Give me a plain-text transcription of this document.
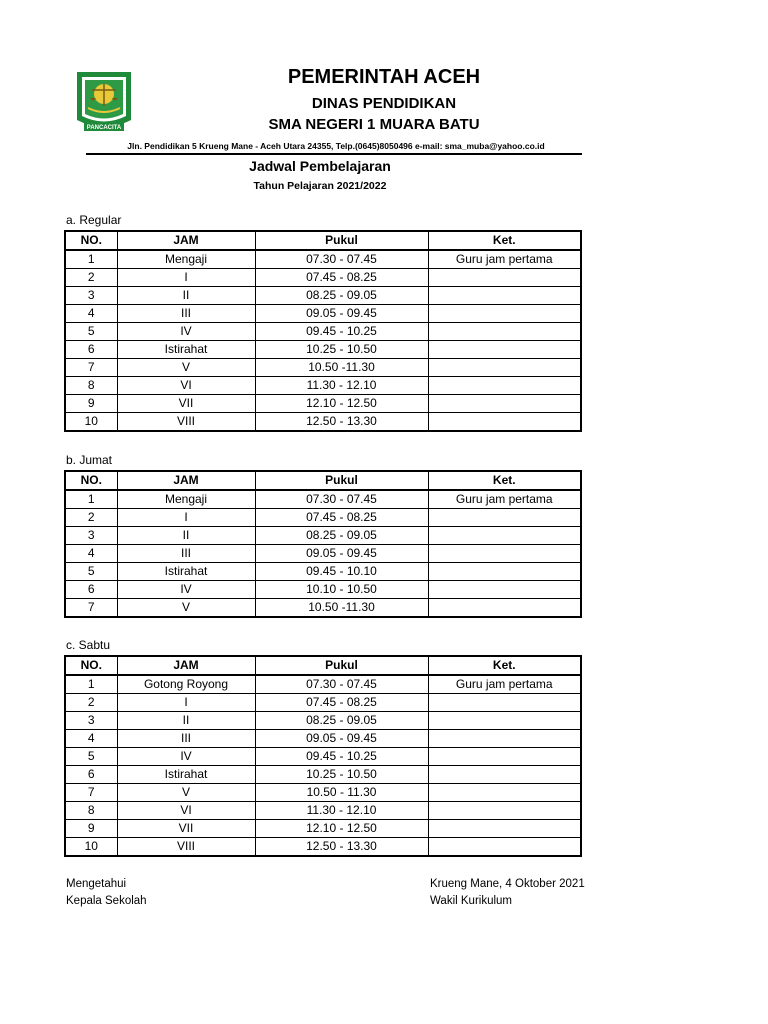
PANCACITA
PEMERINTAH ACEH
DINAS PENDIDIKAN
SMA NEGERI 1 MUARA BATU
Jln. Pendidikan 5 Krueng Mane - Aceh Utara 24355, Telp.(0645)8050496 e-mail: sma_muba@yahoo.co.id
Jadwal Pembelajaran
Tahun Pelajaran 2021/2022
a. Regular
NO.	JAM	Pukul	Ket.
1	Mengaji	07.30 - 07.45	Guru jam pertama
2	I	07.45 - 08.25	
3	II	08.25 - 09.05	
4	III	09.05 - 09.45	
5	IV	09.45 - 10.25	
6	Istirahat	10.25 - 10.50	
7	V	10.50 -11.30	
8	VI	11.30 - 12.10	
9	VII	12.10 - 12.50	
10	VIII	12.50 - 13.30	
b. Jumat
NO.	JAM	Pukul	Ket.
1	Mengaji	07.30 - 07.45	Guru jam pertama
2	I	07.45 - 08.25	
3	II	08.25 - 09.05	
4	III	09.05 - 09.45	
5	Istirahat	09.45 - 10.10	
6	IV	10.10 - 10.50	
7	V	10.50 -11.30	
c. Sabtu
NO.	JAM	Pukul	Ket.
1	Gotong Royong	07.30 - 07.45	Guru jam pertama
2	I	07.45 - 08.25	
3	II	08.25 - 09.05	
4	III	09.05 - 09.45	
5	IV	09.45 - 10.25	
6	Istirahat	10.25 - 10.50	
7	V	10.50 - 11.30	
8	VI	11.30 - 12.10	
9	VII	12.10 - 12.50	
10	VIII	12.50 - 13.30	
Mengetahui
Kepala Sekolah
Krueng Mane, 4 Oktober 2021
Wakil Kurikulum
